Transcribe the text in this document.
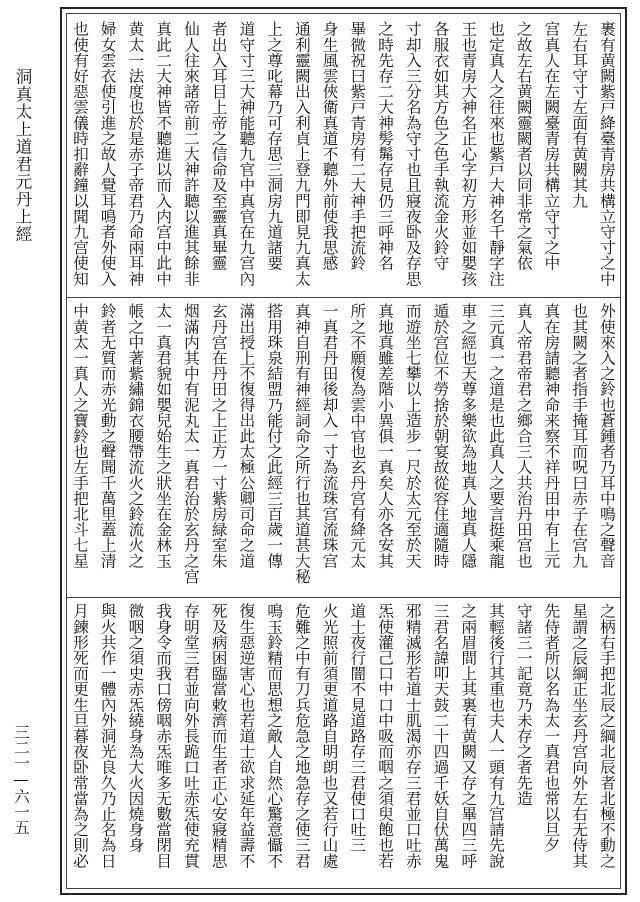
洞真太上道君元丹上經
三二一—六一五
裹有黄闕紫戸絳臺青房共構立守寸之中
左右耳守寸左面有黄闕其九
宫真人在左闕臺青房共構立守寸之中
之故左右黄闕靈闕者以同非常之氣依
也定真人之往來也紫戸大神名千靜字注
王也青房大神名正心字初方形並如嬰孩
各服衣如其方色之色手執流金火鈴守
寸却入三分名為守寸也且寢夜卧及存思
之時先存二大神髣髴存見仍三呼神名
畢微祝曰紫戸青房有二大神手把流鈴
身生風雲俠衛真道不聽外前使我思感
通利靈闕出入利貞上登九門即見九真太
上之尊叱幕乃可存思三洞房九道諸要
道守寸三大神能聽九官中真官在九宫內
者出入耳目上帝之信命及至靈真畢靈
仙人往來諸帝前二大神許聽以進其餘非
真此二大神皆不聽進以而入内宫中此中
黄太一法度也於是赤子帝君乃命兩耳神
婦女雲衣使引進之故人覺耳鳴者外使入
也使有好惡雲儀時扣辭鐘以聞九宫使知
外使來入之鈴也蒼鍾者乃耳中鳴之聲音
也其闕之者指手掩耳而呪曰赤子在宫九
真在房請聽神命来察不祥丹田中有上元
真人帝君帝君之鄉合三人共治丹田宫也
三元真一之道是也此真人之要言挺乘龍
車之經也天尊多樂欲為地真人地真人隱
遁於宫位不勞捨於朝宴故從容住適隨時
而遊坐七攀以上造步一尺於太元至於天
真地真雖差階小異俱一真矣人亦各安其
所之不願復為雲中官也玄丹宫有絳元太
一真君丹田後却入一寸為流珠宫流珠宫
真神自刑有神經詞命之所行也其道甚大秘
搭用珠泉結盟乃能付之此經三百歲一傳
滿出授上不復得出此太極公卿司命之道
玄丹宫在丹田之上正方一寸紫房緑室朱
烟滿内其中有泥丸太一真君治於玄丹之宫
太一真君貌如嬰兒始生之狀坐在金林玉
帳之中著紫繡錦衣腰帶流火之鈴流火之
鈴者无質而赤光動之聲聞千萬里蓋上清
中黄太一真人之寶鈴也左手把北斗七星
之柄右手把北辰之綱北辰者北極不動之
星謂之辰綱正坐玄丹宫向外左右无侍其
先侍者所以名為太一真君也常以旦夕
守諸三一記竟乃未存之者先造
其輕後行其重也夫人一頭有九宫請先說
之兩眉間上其裏有黄闕又存之畢四三呼
三君名諱叩天鼓二十四過千妖自伏萬鬼
邪精滅形若道士肌渴亦存三君並口吐赤
炁使灌己口中口中吸而咽之須臾飽也若
道士夜行闇不見道路存三君使口吐三
火光照前須更道路自明朗也又若行山處
危難之中有刀兵危急之地急存之使三君
鳴玉鈴精而思想之敵人自然心驚意懾不
復生惡逆害心也若道士欲求延年益壽不
死及病困臨當敕濟而生者正心安寢精思
存明堂三君並向外長跪口吐赤炁使充貫
我身令而我口傍咽赤炁唯多无數當閉目
微咽之須史赤炁繞身為大火因燒身身
與火共作一體內外洞光良久乃止名為日
月鍊形死而更生旦暮夜卧常當為之則必
